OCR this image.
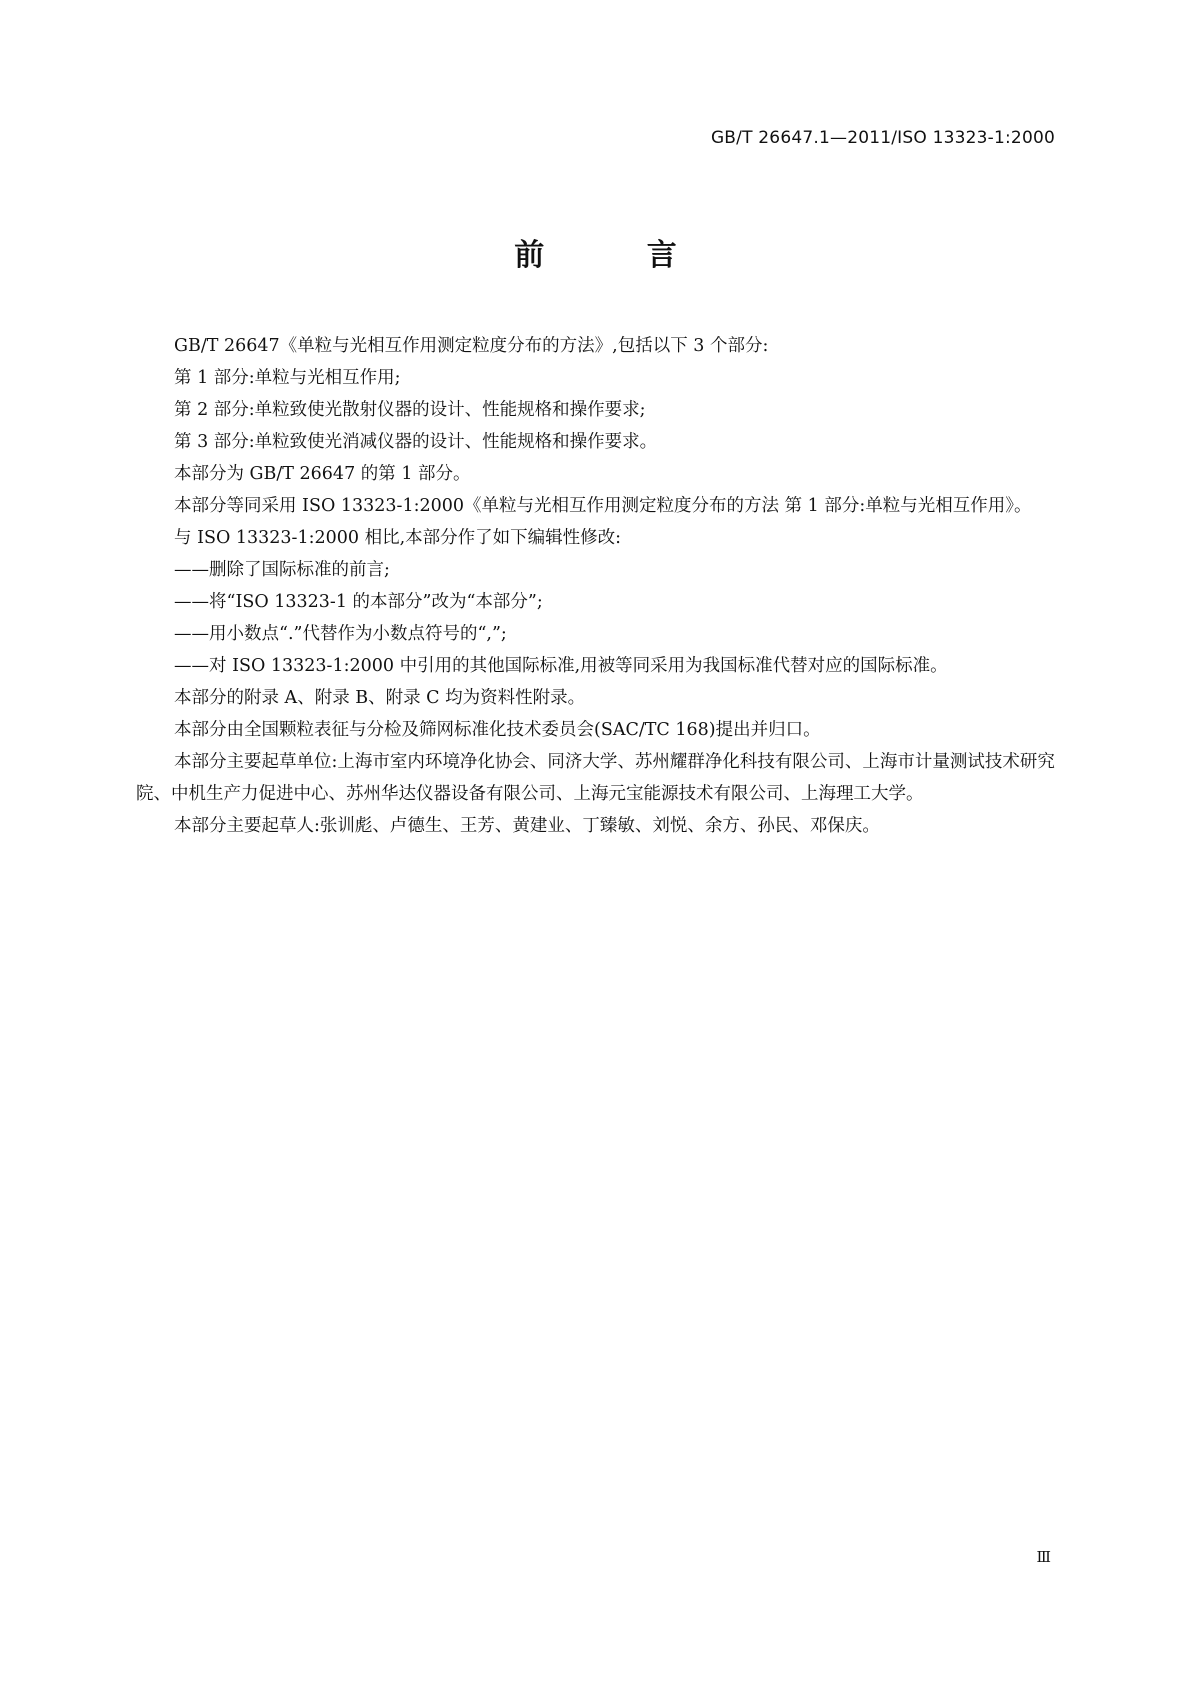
GB/T 26647.1—2011/ISO 13323-1:2000
前 言

GB/T 26647《单粒与光相互作用测定粒度分布的方法》,包括以下 3 个部分:

第 1 部分:单粒与光相互作用;

第 2 部分:单粒致使光散射仪器的设计、性能规格和操作要求;

第 3 部分:单粒致使光消减仪器的设计、性能规格和操作要求。

本部分为 GB/T 26647 的第 1 部分。

本部分等同采用 ISO 13323-1:2000《单粒与光相互作用测定粒度分布的方法 第 1 部分:单粒与光相互作用》。

与 ISO 13323-1:2000 相比,本部分作了如下编辑性修改:

——删除了国际标准的前言;

——将“ISO 13323-1 的本部分”改为“本部分”;

——用小数点“.”代替作为小数点符号的“,”;

——对 ISO 13323-1:2000 中引用的其他国际标准,用被等同采用为我国标准代替对应的国际标准。

本部分的附录 A、附录 B、附录 C 均为资料性附录。

本部分由全国颗粒表征与分检及筛网标准化技术委员会(SAC/TC 168)提出并归口。

本部分主要起草单位:上海市室内环境净化协会、同济大学、苏州耀群净化科技有限公司、上海市计量测试技术研究院、中机生产力促进中心、苏州华达仪器设备有限公司、上海元宝能源技术有限公司、上海理工大学。

本部分主要起草人:张训彪、卢德生、王芳、黄建业、丁臻敏、刘悦、余方、孙民、邓保庆。

Ⅲ
